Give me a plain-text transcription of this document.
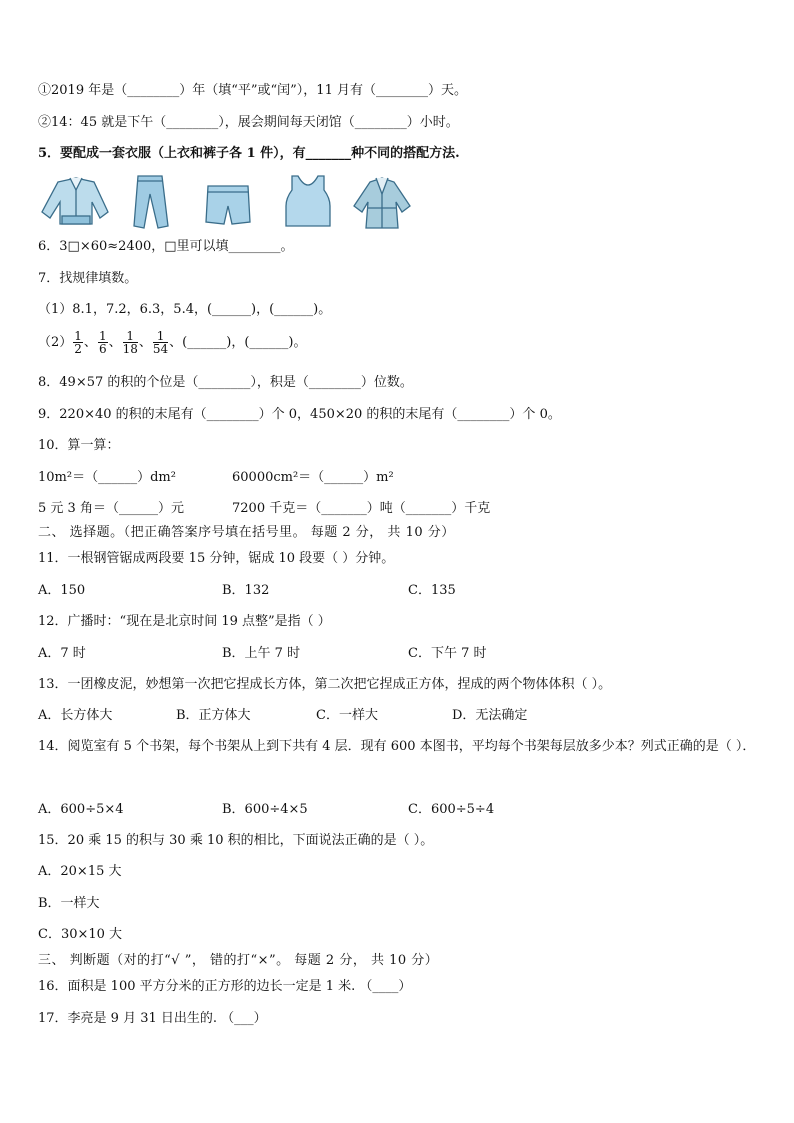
①2019 年是（________）年（填“平”或“闰”），11 月有（________）天。
②14：45 就是下午（________），展会期间每天闭馆（________）小时。
5．要配成一套衣服（上衣和裤子各 1 件），有_______种不同的搭配方法.
6．3□×60≈2400，□里可以填________。
7．找规律填数。
（1）8.1，7.2，6.3，5.4，(______)，(______)。
8．49×57 的积的个位是（________），积是（________）位数。
9．220×40 的积的末尾有（________）个 0，450×20 的积的末尾有（________）个 0。
10．算一算：
二、 选择题。（把正确答案序号填在括号里。 每题 2 分， 共 10 分）
11．一根钢管锯成两段要 15 分钟，锯成 10 段要（ ）分钟。
12．广播时：“现在是北京时间 19 点整”是指（ ）
13．一团橡皮泥，妙想第一次把它捏成长方体，第二次把它捏成正方体，捏成的两个物体体积（ ）。
15．20 乘 15 的积与 30 乘 10 积的相比，下面说法正确的是（ ）。
A．20×15 大
B．一样大
C．30×10 大
三、 判断题（对的打“√ ”， 错的打“×”。 每题 2 分， 共 10 分）
16．面积是 100 平方分米的正方形的边长一定是 1 米. （____）
17．李亮是 9 月 31 日出生的. （___）
10m²＝（______）dm²	60000cm²＝（______）m²
5 元 3 角＝（______）元	7200 千克＝（_______）吨（_______）千克
A．150	B．132	C．135
A．7 时	B．上午 7 时	C．下午 7 时
A．长方体大	B．正方体大	C．一样大	D．无法确定
A．600÷5×4	B．600÷4×5	C．600÷5÷4
$(2) \frac{1}{2}$ 、 $\frac{1}{6}$ 、 $\frac{1}{18}$ 、 $\frac{1}{54}$ 、(______)，(______)。
14．阅览室有 5 个书架，每个书架从上到下共有 4 层．现有 600 本图书，平均每个书架每层放多少本？列式正确的是（ ）．
